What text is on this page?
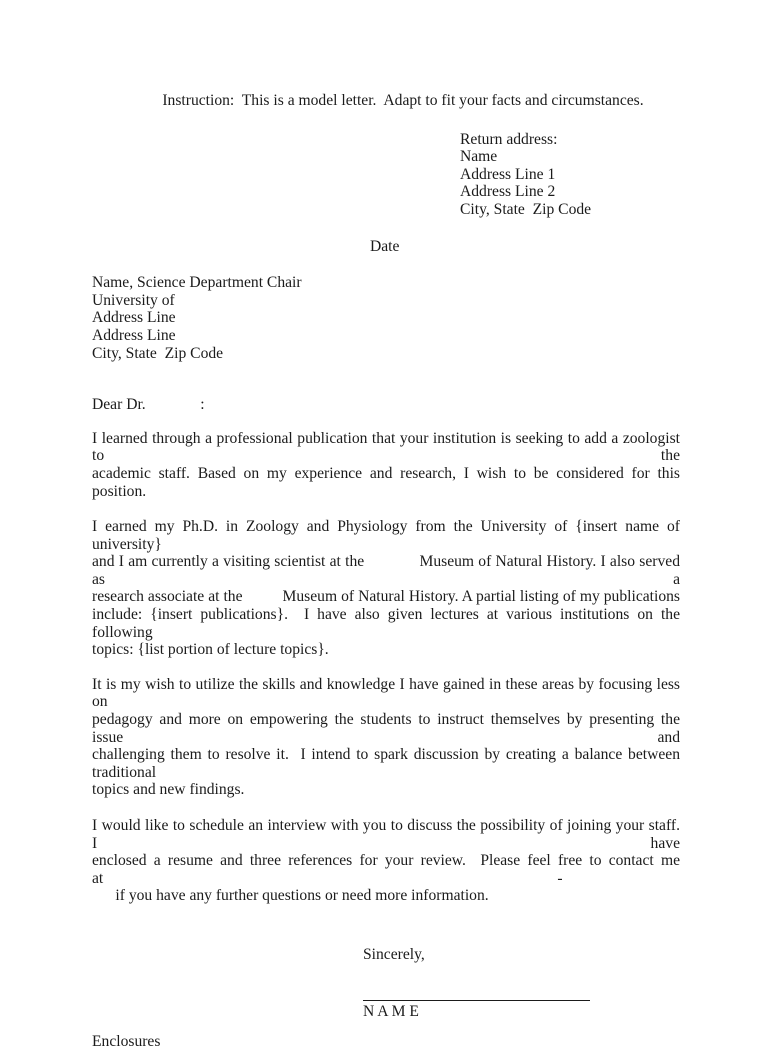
Instruction:  This is a model letter.  Adapt to fit your facts and circumstances.
Return address:
Name
Address Line 1
Address Line 2
City, State  Zip Code
Date
Name, Science Department Chair
University of
Address Line
Address Line
City, State  Zip Code
Dear Dr.              :
I learned through a professional publication that your institution is seeking to add a zoologist to the
academic staff. Based on my experience and research, I wish to be considered for this position.
I earned my Ph.D. in Zoology and Physiology from the University of {insert name of university}
and I am currently a visiting scientist at the             Museum of Natural History. I also served as a
research associate at the          Museum of Natural History. A partial listing of my publications
include: {insert publications}.  I have also given lectures at various institutions on the following
topics: {list portion of lecture topics}.
It is my wish to utilize the skills and knowledge I have gained in these areas by focusing less on
pedagogy and more on empowering the students to instruct themselves by presenting the issue and
challenging them to resolve it.  I intend to spark discussion by creating a balance between traditional
topics and new findings.
I would like to schedule an interview with you to discuss the possibility of joining your staff. I have
enclosed a resume and three references for your review.  Please feel free to contact me at            -
if you have any further questions or need more information.
Sincerely,
N A M E
Enclosures
